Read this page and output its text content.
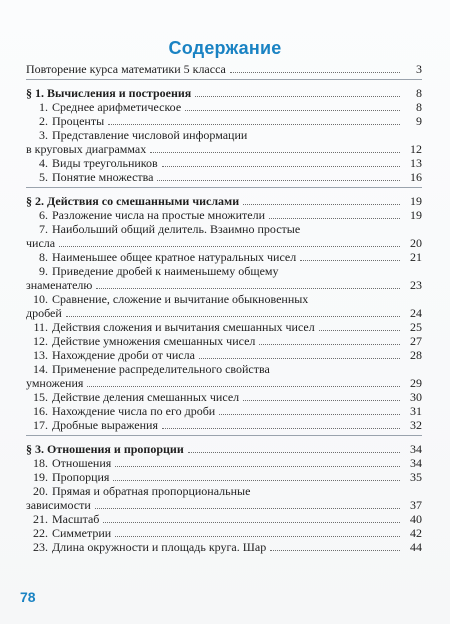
Содержание
Повторение курса математики 5 класса	3
§ 1. Вычисления и построения	8
1. Среднее арифметическое	8
2. Проценты	9
3. Представление числовой информации
в круговых диаграммах	12
4. Виды треугольников	13
5. Понятие множества	16
§ 2. Действия со смешанными числами	19
6. Разложение числа на простые множители	19
7. Наибольший общий делитель. Взаимно простые
числа	20
8. Наименьшее общее кратное натуральных чисел	21
9. Приведение дробей к наименьшему общему
знаменателю	23
10. Сравнение, сложение и вычитание обыкновенных
дробей	24
11. Действия сложения и вычитания смешанных чисел	25
12. Действие умножения смешанных чисел	27
13. Нахождение дроби от числа	28
14. Применение распределительного свойства
умножения	29
15. Действие деления смешанных чисел	30
16. Нахождение числа по его дроби	31
17. Дробные выражения	32
§ 3. Отношения и пропорции	34
18. Отношения	34
19. Пропорция	35
20. Прямая и обратная пропорциональные
зависимости	37
21. Масштаб	40
22. Симметрии	42
23. Длина окружности и площадь круга. Шар	44
78
